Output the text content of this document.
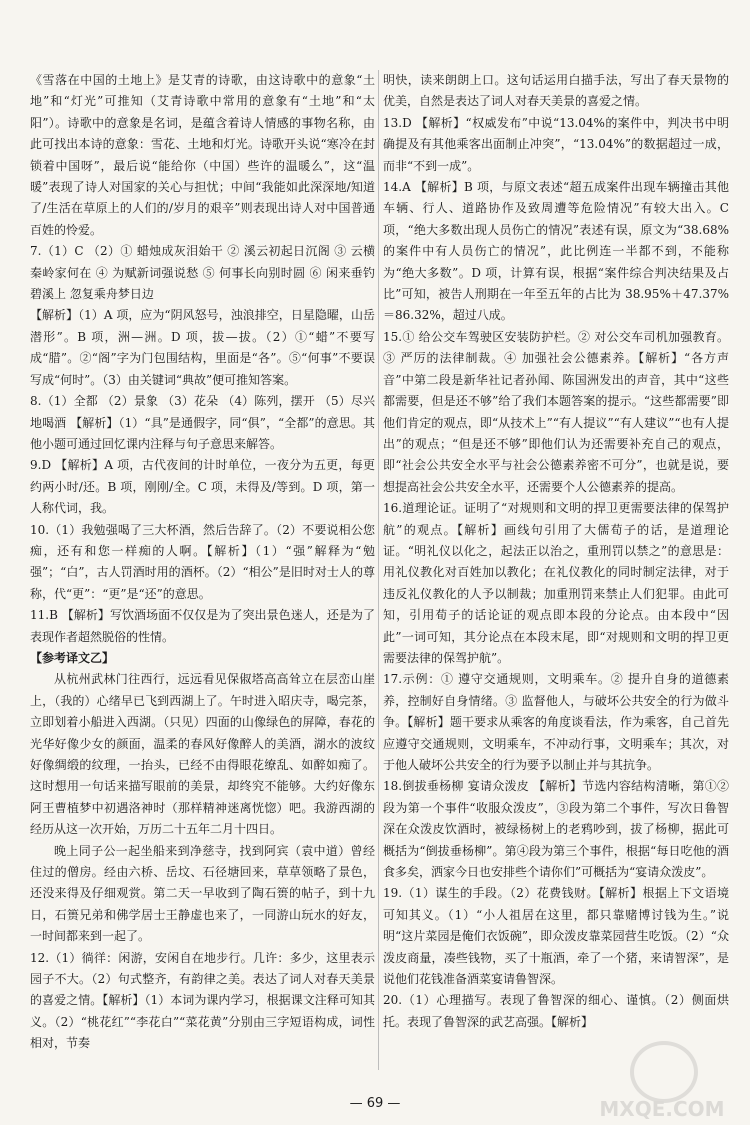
《雪落在中国的土地上》是艾青的诗歌，由这诗歌中的意象“土地”和“灯光”可推知（艾青诗歌中常用的意象有“土地”和“太阳”）。诗歌中的意象是名词，是蕴含着诗人情感的事物名称，由此可找出本诗的意象：雪花、土地和灯光。诗歌开头说“寒冷在封锁着中国呀”，最后说“能给你（中国）些许的温暖么”，这“温暖”表现了诗人对国家的关心与担忧；中间“我能如此深深地/知道了/生活在草原上的人们的/岁月的艰辛”则表现出诗人对中国普通百姓的怜爱。

7.（1）C （2）① 蜡烛成灰泪始干 ② 溪云初起日沉阁 ③ 云横秦岭家何在 ④ 为赋新词强说愁 ⑤ 何事长向别时圆 ⑥ 闲来垂钓碧溪上 忽复乘舟梦日边

【解析】（1）A 项，应为“阴风怒号，浊浪排空，日星隐曜，山岳潜形”。B 项，洲—洲。D 项，拔—拔。（2）①“蜡”不要写成“腊”。②“阁”字为门包围结构，里面是“各”。⑤“何事”不要误写成“何时”。（3）由关键词“典故”便可推知答案。

8.（1）全都 （2）景象 （3）花朵 （4）陈列，摆开 （5）尽兴地喝酒 【解析】（1）“具”是通假字，同“俱”，“全都”的意思。其他小题可通过回忆课内注释与句子意思来解答。

9.D 【解析】A 项，古代夜间的计时单位，一夜分为五更，每更约两小时/还。B 项，刚刚/全。C 项，未得及/等到。D 项，第一人称代词，我。

10.（1）我勉强喝了三大杯酒，然后告辞了。（2）不要说相公您痴，还有和您一样痴的人啊。【解析】（1）“强”解释为“勉强”；“白”，古人罚酒时用的酒杯。（2）“相公”是旧时对士人的尊称，代“更”：“更”是“还”的意思。

11.B 【解析】写饮酒场面不仅仅是为了突出景色迷人，还是为了表现作者超然脱俗的性情。

【参考译文乙】

从杭州武林门往西行，远远看见保俶塔高高耸立在层峦山崖上，（我的）心绪早已飞到西湖上了。午时进入昭庆寺，喝完茶，立即划着小船进入西湖。（只见）四面的山像绿色的屏障，春花的光华好像少女的颜面，温柔的春风好像醉人的美酒，湖水的波纹好像绸缎的纹理，一抬头，已经不由得眼花缭乱、如醉如痴了。这时想用一句话来描写眼前的美景，却终究不能够。大约好像东阿王曹植梦中初遇洛神时（那样精神迷离恍惚）吧。我游西湖的经历从这一次开始，万历二十五年二月十四日。

晚上同子公一起坐船来到净慈寺，找到阿宾（袁中道）曾经住过的僧房。经由六桥、岳坟、石径塘回来，草草领略了景色，还没来得及仔细观赏。第二天一早收到了陶石篑的帖子，到十九日，石篑兄弟和佛学居士王静虚也来了，一同游山玩水的好友，一时间都来到一起了。

12.（1）徜徉：闲游，安闲自在地步行。几许：多少，这里表示园子不大。（2）句式整齐，有韵律之美。表达了词人对春天美景的喜爱之情。【解析】（1）本词为课内学习，根据课文注释可知其义。（2）“桃花红”“李花白”“菜花黄”分别由三字短语构成，词性相对，节奏

明快，读来朗朗上口。这句话运用白描手法，写出了春天景物的优美，自然是表达了词人对春天美景的喜爱之情。

13.D 【解析】“权威发布”中说“13.04%的案件中，判决书中明确提及有其他乘客出面制止冲突”，“13.04%”的数据超过一成，而非“不到一成”。

14.A 【解析】B 项，与原文表述“超五成案件出现车辆撞击其他车辆、行人、道路协作及致周遭等危险情况”有较大出入。C 项，“绝大多数出现人员伤亡的情况”表述有误，原文为“38.68%的案件中有人员伤亡的情况”，此比例连一半都不到，不能称为“绝大多数”。D 项，计算有误，根据“案件综合判决结果及占比”可知，被告人刑期在一年至五年的占比为 38.95%＋47.37%＝86.32%，超过八成。

15.① 给公交车驾驶区安装防护栏。② 对公交车司机加强教育。③ 严厉的法律制裁。④ 加强社会公德素养。【解析】“各方声音”中第二段是新华社记者孙闻、陈国洲发出的声音，其中“这些都需要，但是还不够”给了我们本题答案的提示。“这些都需要”即他们肯定的观点，即“从技术上”“有人提议”“有人建议”“也有人提出”的观点；“但是还不够”即他们认为还需要补充自己的观点，即“社会公共安全水平与社会公德素养密不可分”，也就是说，要想提高社会公共安全水平，还需要个人公德素养的提高。

16.道理论证。证明了“对规则和文明的捍卫更需要法律的保驾护航”的观点。【解析】画线句引用了大儒荀子的话，是道理论证。“明礼仪以化之，起法正以治之，重刑罚以禁之”的意思是：用礼仪教化对百姓加以教化；在礼仪教化的同时制定法律，对于违反礼仪教化的人予以制裁；加重刑罚来禁止人们犯罪。由此可知，引用荀子的话论证的观点即本段的分论点。由本段中“因此”一词可知，其分论点在本段末尾，即“对规则和文明的捍卫更需要法律的保驾护航”。

17.示例：① 遵守交通规则，文明乘车。② 提升自身的道德素养，控制好自身情绪。③ 监督他人，与破坏公共安全的行为做斗争。【解析】题干要求从乘客的角度谈看法，作为乘客，自己首先应遵守交通规则，文明乘车，不冲动行事，文明乘车；其次，对于他人破坏公共安全的行为要予以制止并与其抗争。

18.倒拔垂杨柳 宴请众泼皮 【解析】节选内容结构清晰，第①②段为第一个事件“收服众泼皮”，③段为第二个事件，写次日鲁智深在众泼皮饮酒时，被绿杨树上的老鸦吵到，拔了杨柳，据此可概括为“倒拔垂杨柳”。第④段为第三个事件，根据“每日吃他的酒食多矣，洒家今日也安排些个请你们”可概括为“宴请众泼皮”。

19.（1）谋生的手段。（2）花费钱财。【解析】根据上下文语境可知其义。（1）“小人祖居在这里，都只靠赌博讨钱为生。”说明“这片菜园是俺们衣饭碗”，即众泼皮靠菜园营生吃饭。（2）“众泼皮商量，凑些钱物，买了十瓶酒，牵了一个猪，来请智深”，是说他们花钱准备酒菜宴请鲁智深。

20.（1）心理描写。表现了鲁智深的细心、谨慎。（2）侧面烘托。表现了鲁智深的武艺高强。【解析】

— 69 —	MXQE.COM
